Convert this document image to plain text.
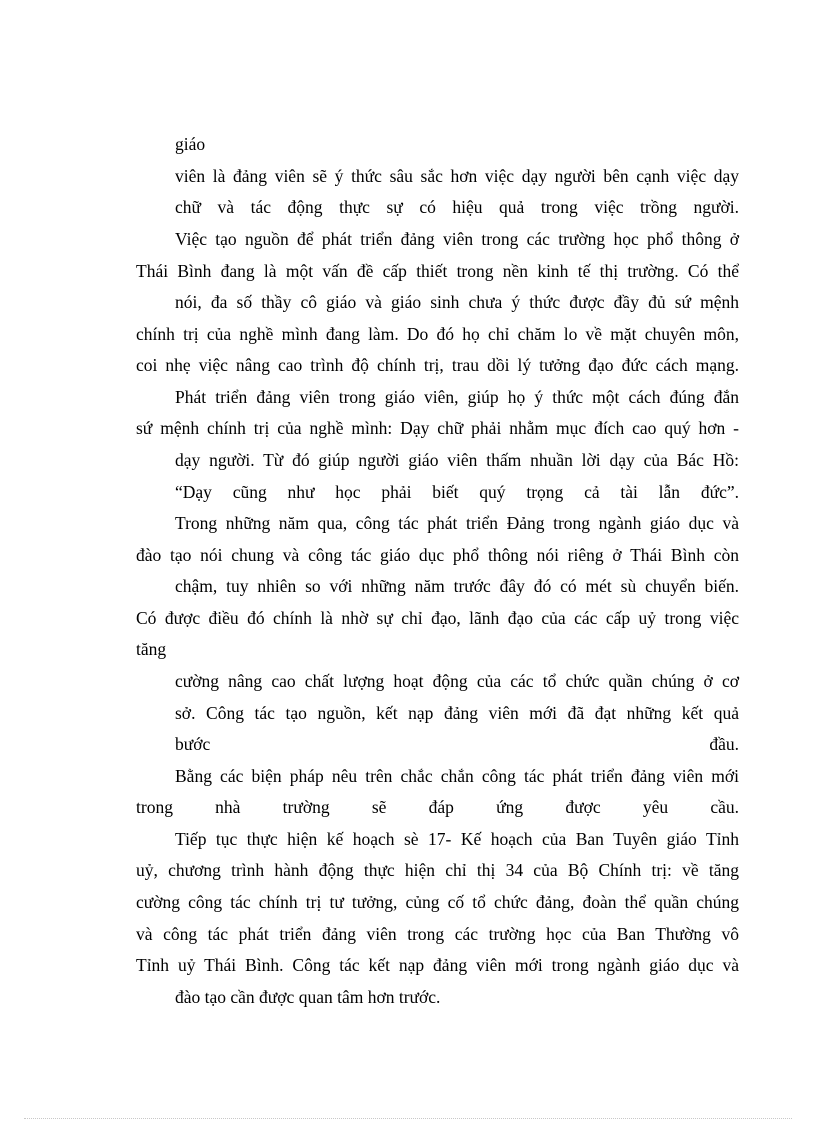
giáo
viên là đảng viên sẽ ý thức sâu sắc hơn việc dạy người bên cạnh việc dạy
chữ và tác động thực sự có hiệu quả trong việc trồng người.
Việc tạo nguồn để phát triển đảng viên trong các trường học phổ thông ở
Thái Bình đang là một vấn đề cấp thiết trong nền kinh tế thị trường. Có thể
nói, đa số thầy cô giáo và giáo sinh chưa ý thức được đầy đủ sứ mệnh
chính trị của nghề mình đang làm. Do đó họ chỉ chăm lo về mặt chuyên môn,
coi nhẹ việc nâng cao trình độ chính trị, trau dồi lý tưởng đạo đức cách mạng.
Phát triển đảng viên trong giáo viên, giúp họ ý thức một cách đúng đắn
sứ mệnh chính trị của nghề mình: Dạy chữ phải nhằm mục đích cao quý hơn -
dạy người. Từ đó giúp người giáo viên thấm nhuần lời dạy của Bác Hồ:
“Dạy cũng như học phải biết quý trọng cả tài lẫn đức”.
Trong những năm qua, công tác phát triển Đảng trong ngành giáo dục và
đào tạo nói chung và công tác giáo dục phổ thông nói riêng ở Thái Bình còn
chậm, tuy nhiên so với những năm trước đây đó có mét sù chuyển biến.
Có được điều đó chính là nhờ sự chỉ đạo, lãnh đạo của các cấp uỷ trong việc
tăng
cường nâng cao chất lượng hoạt động của các tổ chức quần chúng ở cơ
sở. Công tác tạo nguồn, kết nạp đảng viên mới đã đạt những kết quả
bước đầu.
Bằng các biện pháp nêu trên chắc chắn công tác phát triển đảng viên mới
trong nhà trường sẽ đáp ứng được yêu cầu.
Tiếp tục thực hiện kế hoạch sè 17- Kế hoạch của Ban Tuyên giáo Tỉnh
uỷ, chương trình hành động thực hiện chỉ thị 34 của Bộ Chính trị: về tăng
cường công tác chính trị tư tưởng, củng cố tổ chức đảng, đoàn thể quần chúng
và công tác phát triển đảng viên trong các trường học của Ban Thường vô
Tỉnh uỷ Thái Bình. Công tác kết nạp đảng viên mới trong ngành giáo dục và
đào tạo cần được quan tâm hơn trước.
